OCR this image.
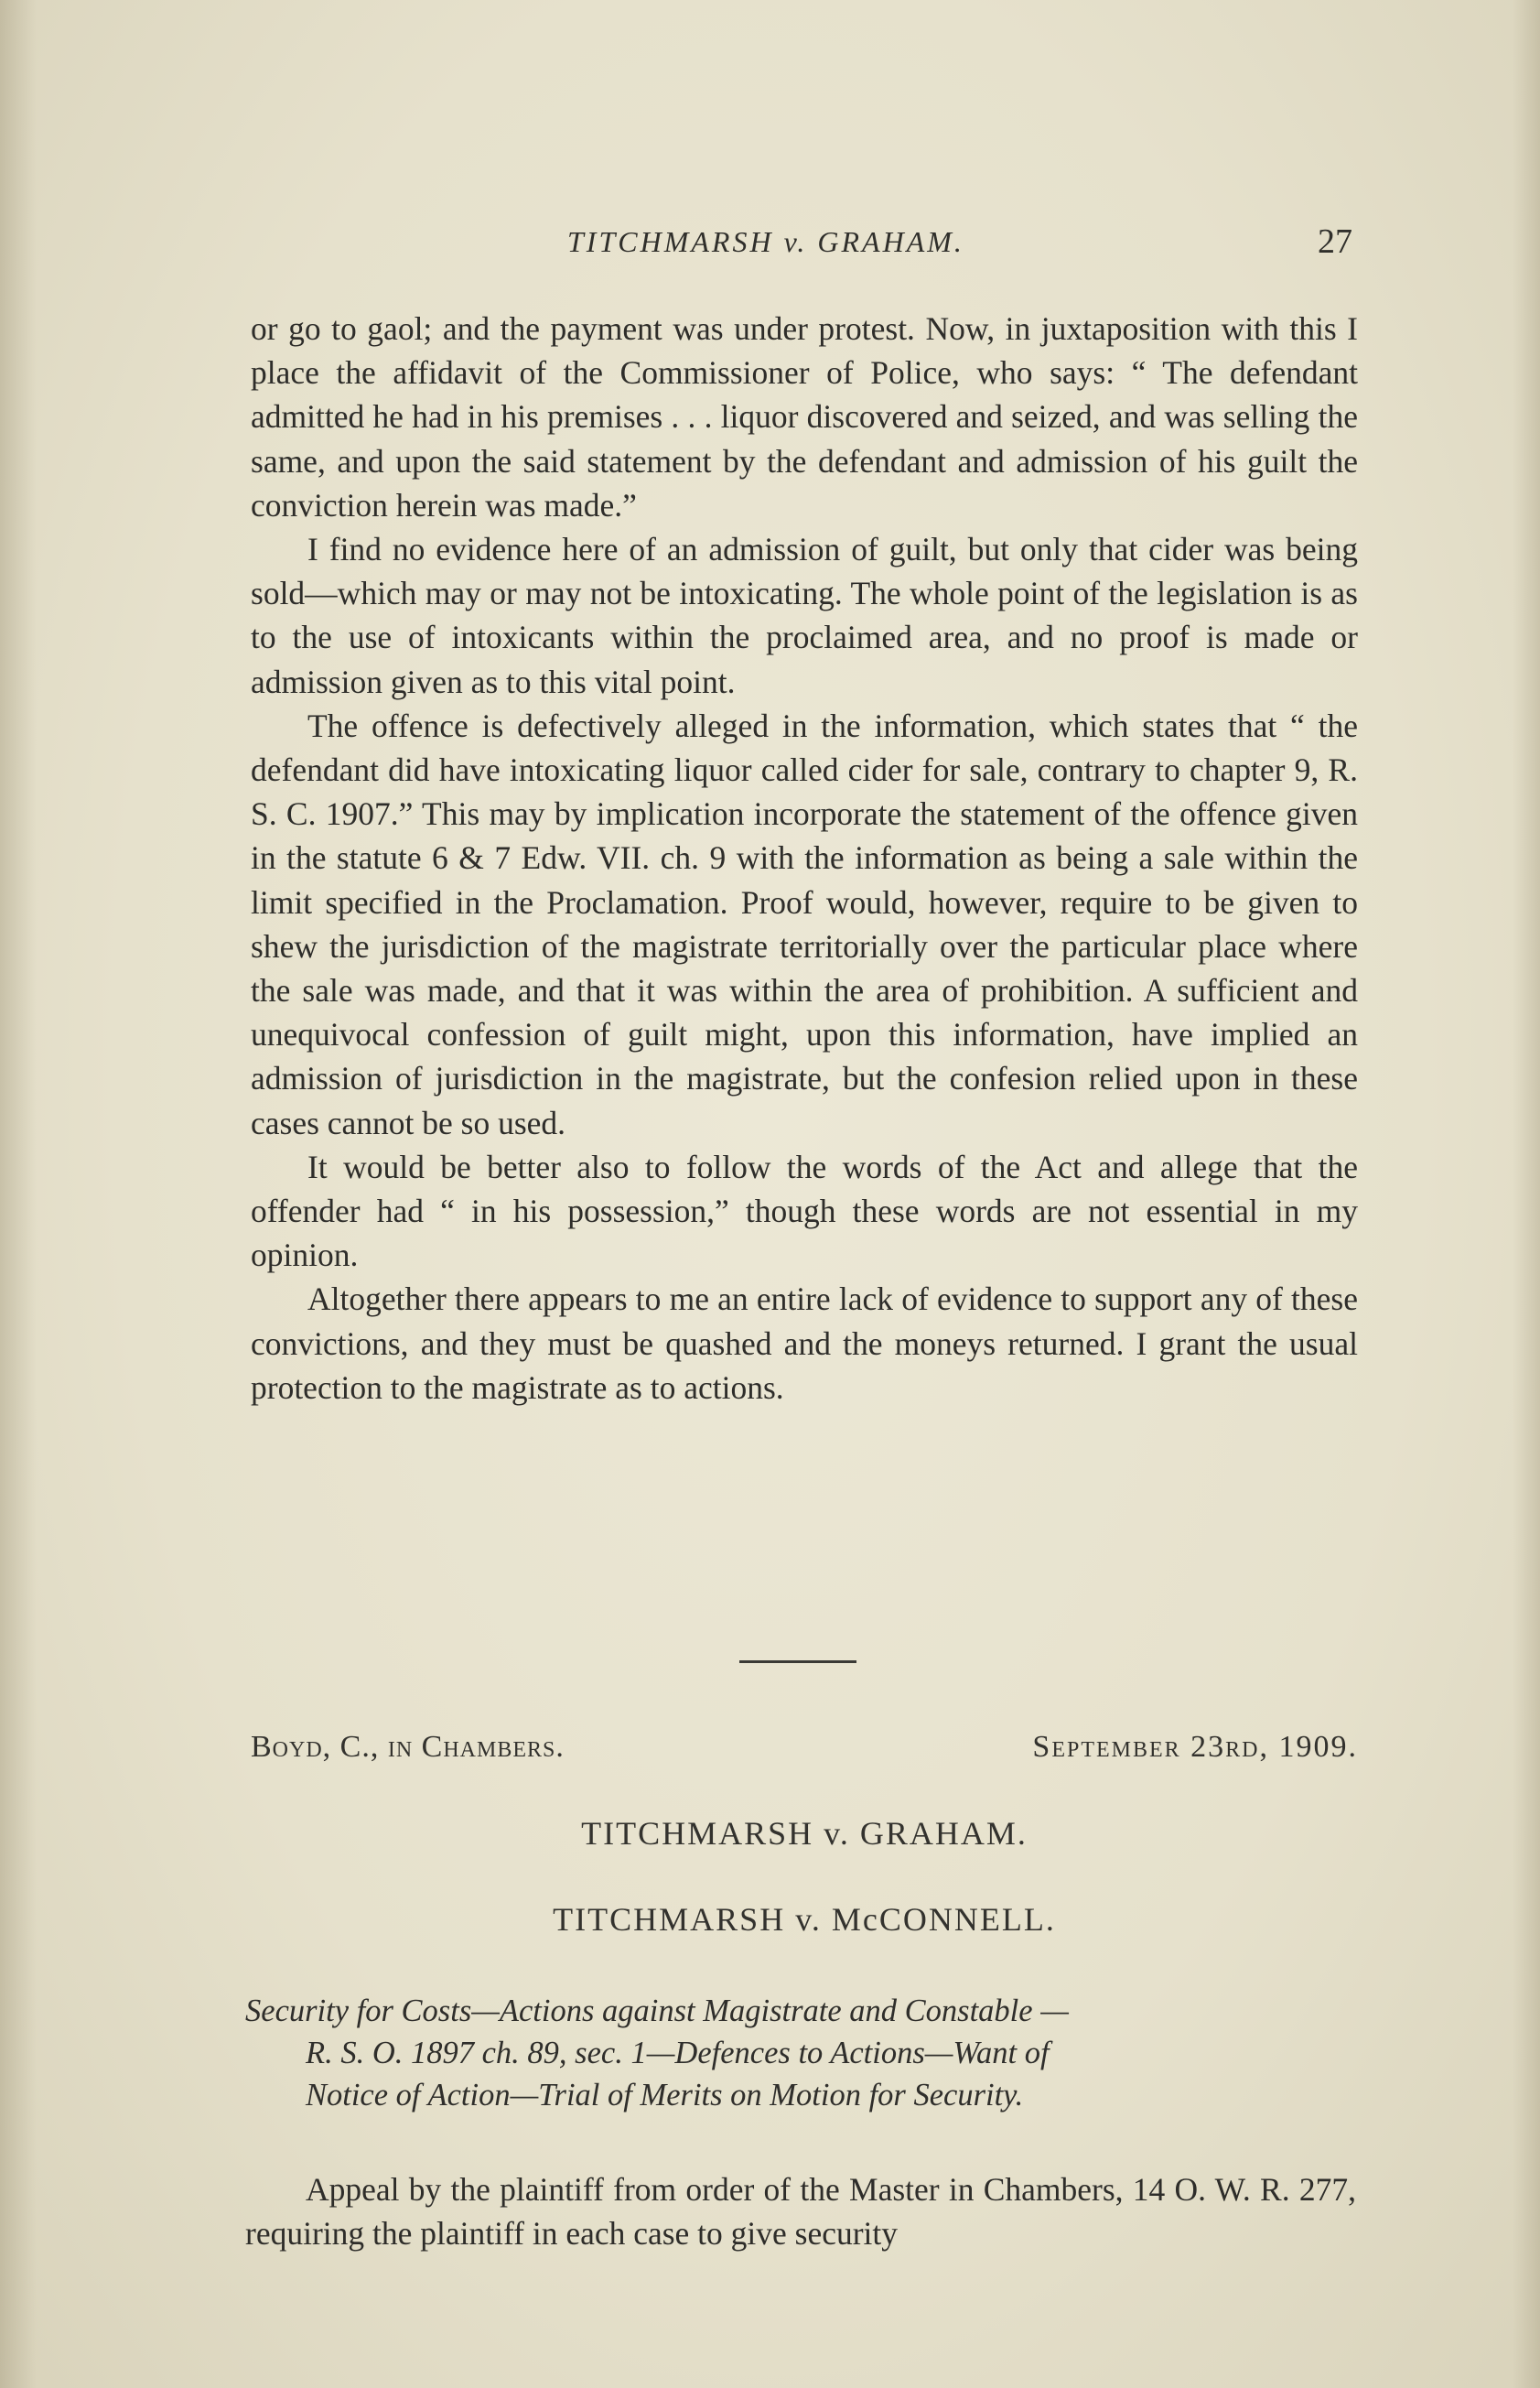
TITCHMARSH v. GRAHAM.	27

or go to gaol; and the payment was under protest. Now, in juxtaposition with this I place the affidavit of the Commissioner of Police, who says: “ The defendant admitted he had in his premises . . . liquor discovered and seized, and was selling the same, and upon the said statement by the defendant and admission of his guilt the conviction herein was made.”

I find no evidence here of an admission of guilt, but only that cider was being sold—which may or may not be intoxicating. The whole point of the legislation is as to the use of intoxicants within the proclaimed area, and no proof is made or admission given as to this vital point.

The offence is defectively alleged in the information, which states that “ the defendant did have intoxicating liquor called cider for sale, contrary to chapter 9, R. S. C. 1907.” This may by implication incorporate the statement of the offence given in the statute 6 & 7 Edw. VII. ch. 9 with the information as being a sale within the limit specified in the Proclamation. Proof would, however, require to be given to shew the jurisdiction of the magistrate territorially over the particular place where the sale was made, and that it was within the area of prohibition. A sufficient and unequivocal confession of guilt might, upon this information, have implied an admission of jurisdiction in the magistrate, but the confesion relied upon in these cases cannot be so used.

It would be better also to follow the words of the Act and allege that the offender had “ in his possession,” though these words are not essential in my opinion.

Altogether there appears to me an entire lack of evidence to support any of these convictions, and they must be quashed and the moneys returned. I grant the usual protection to the magistrate as to actions.

Boyd, C., in Chambers.	September 23rd, 1909.
TITCHMARSH v. GRAHAM.
TITCHMARSH v. McCONNELL.
Security for Costs—Actions against Magistrate and Constable —
R. S. O. 1897 ch. 89, sec. 1—Defences to Actions—Want of
Notice of Action—Trial of Merits on Motion for Security.

Appeal by the plaintiff from order of the Master in Chambers, 14 O. W. R. 277, requiring the plaintiff in each case to give security
